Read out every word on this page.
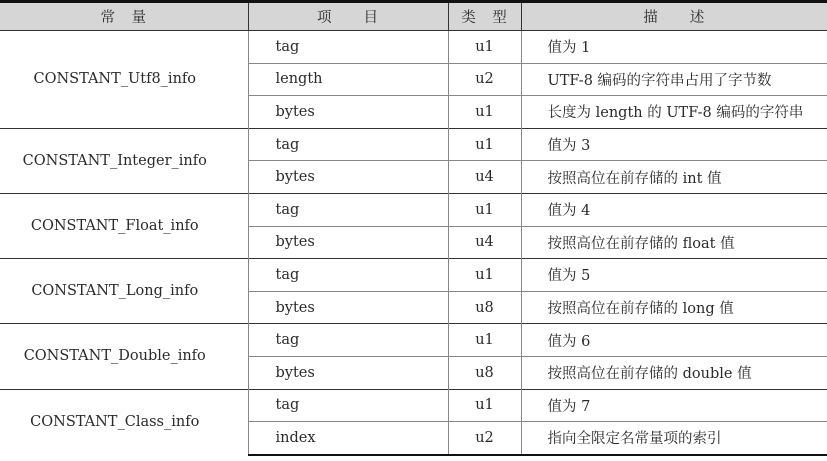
常　量	项　　目	类　型	描　　述
CONSTANT_Utf8_info	tag	u1	值为 1
	length	u2	UTF-8 编码的字符串占用了字节数
	bytes	u1	长度为 length 的 UTF-8 编码的字符串
CONSTANT_Integer_info	tag	u1	值为 3
	bytes	u4	按照高位在前存储的 int 值
CONSTANT_Float_info	tag	u1	值为 4
	bytes	u4	按照高位在前存储的 float 值
CONSTANT_Long_info	tag	u1	值为 5
	bytes	u8	按照高位在前存储的 long 值
CONSTANT_Double_info	tag	u1	值为 6
	bytes	u8	按照高位在前存储的 double 值
CONSTANT_Class_info	tag	u1	值为 7
	index	u2	指向全限定名常量项的索引
